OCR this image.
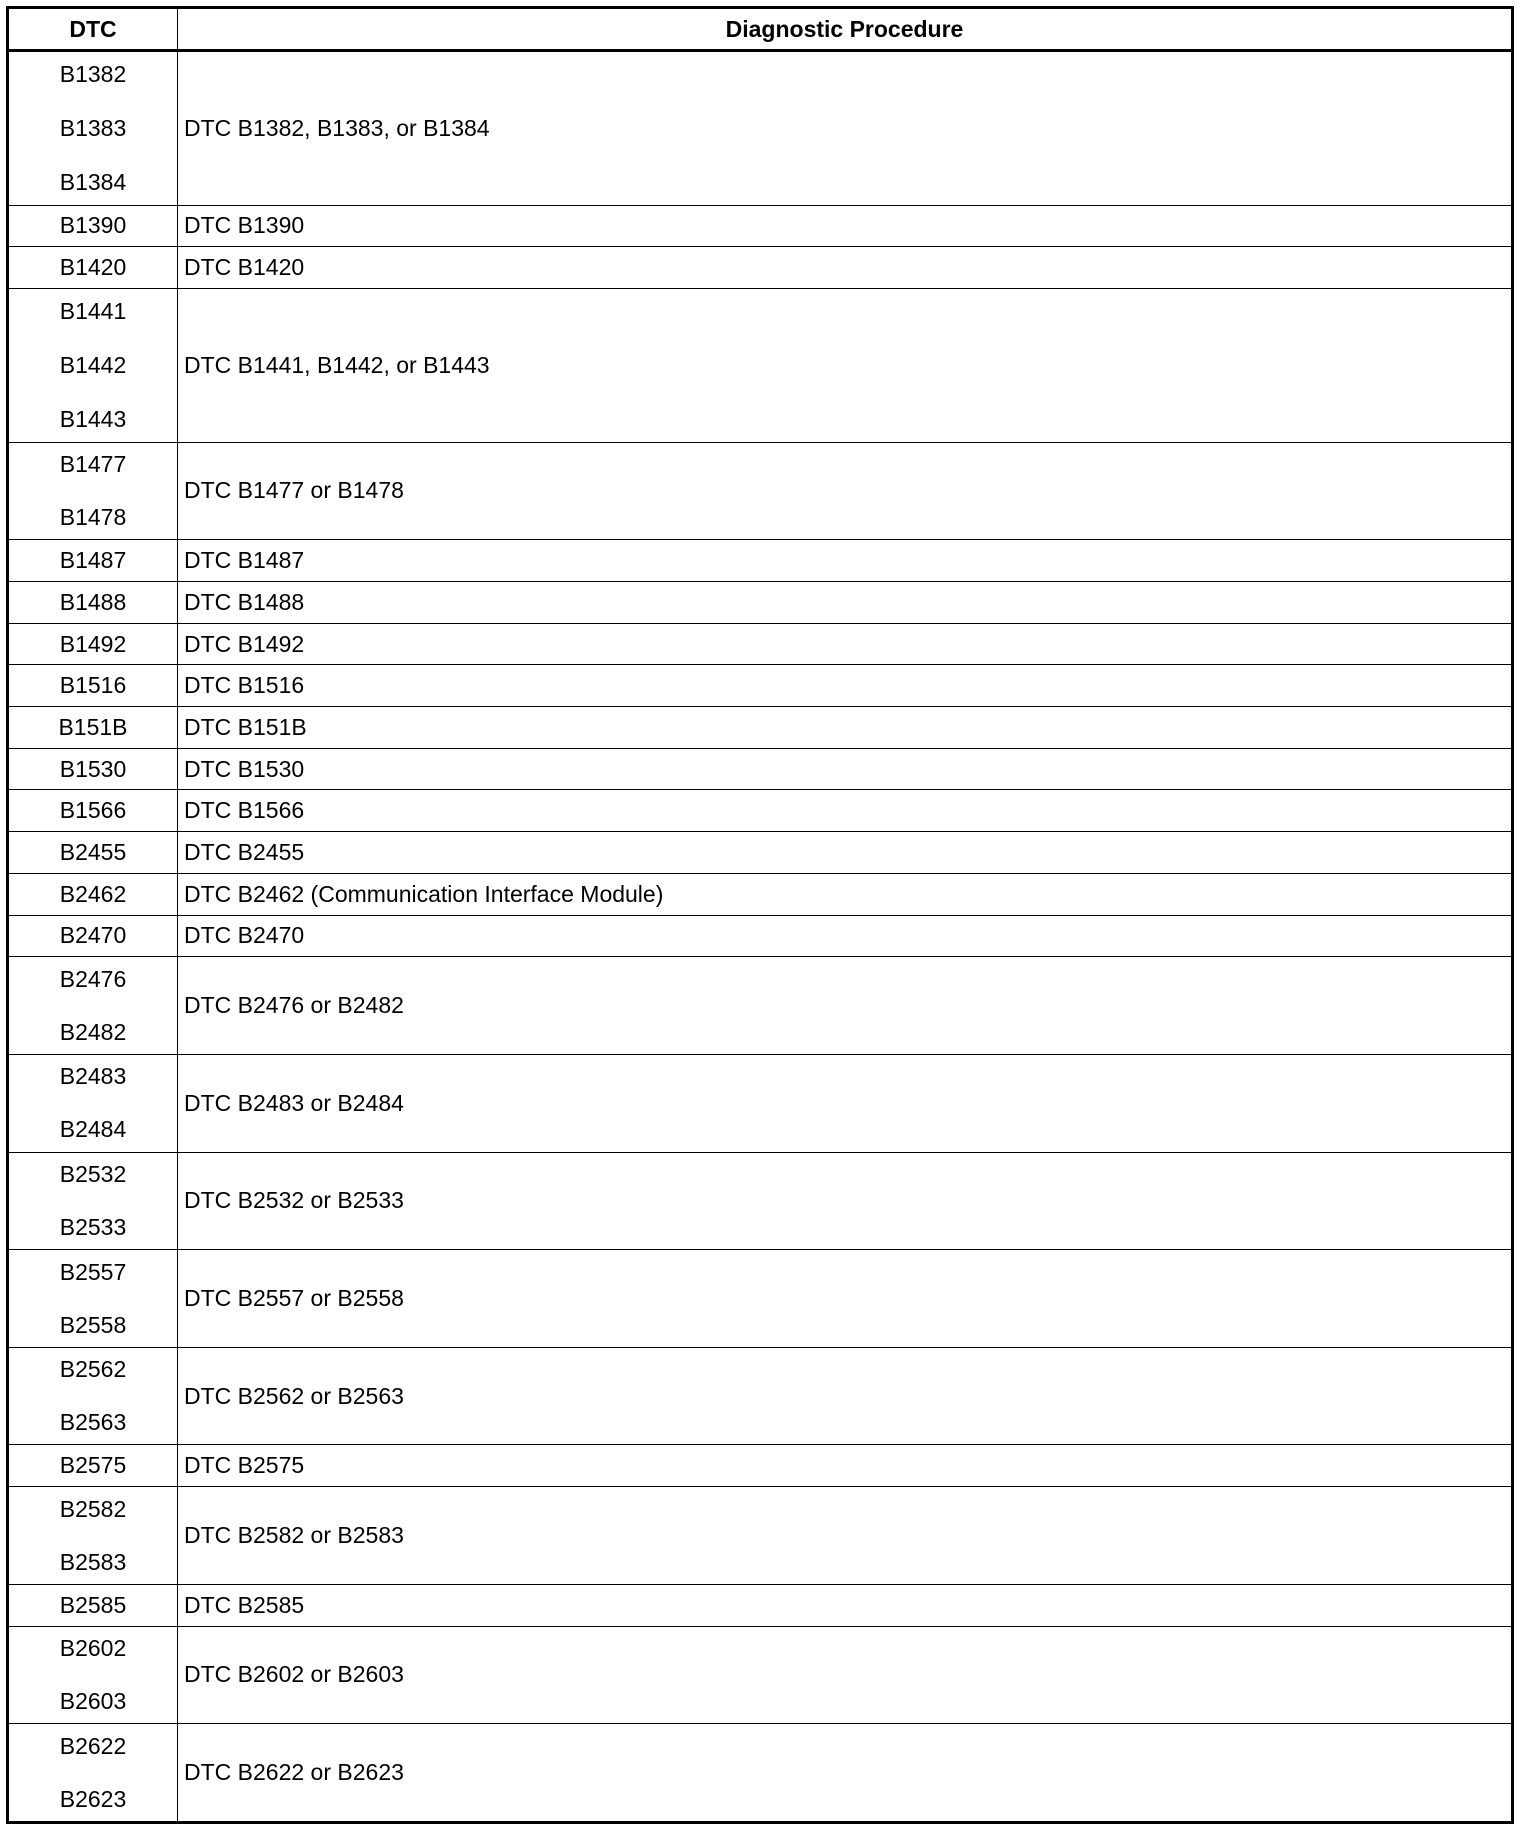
DTC	Diagnostic Procedure

B1382
B1383
B1384	DTC B1382, B1383, or B1384

B1390	DTC B1390

B1420	DTC B1420

B1441
B1442
B1443	DTC B1441, B1442, or B1443

B1477
B1478	DTC B1477 or B1478

B1487	DTC B1487

B1488	DTC B1488

B1492	DTC B1492

B1516	DTC B1516

B151B	DTC B151B

B1530	DTC B1530

B1566	DTC B1566

B2455	DTC B2455

B2462	DTC B2462 (Communication Interface Module)

B2470	DTC B2470

B2476
B2482	DTC B2476 or B2482

B2483
B2484	DTC B2483 or B2484

B2532
B2533	DTC B2532 or B2533

B2557
B2558	DTC B2557 or B2558

B2562
B2563	DTC B2562 or B2563

B2575	DTC B2575

B2582
B2583	DTC B2582 or B2583

B2585	DTC B2585

B2602
B2603	DTC B2602 or B2603

B2622
B2623	DTC B2622 or B2623
